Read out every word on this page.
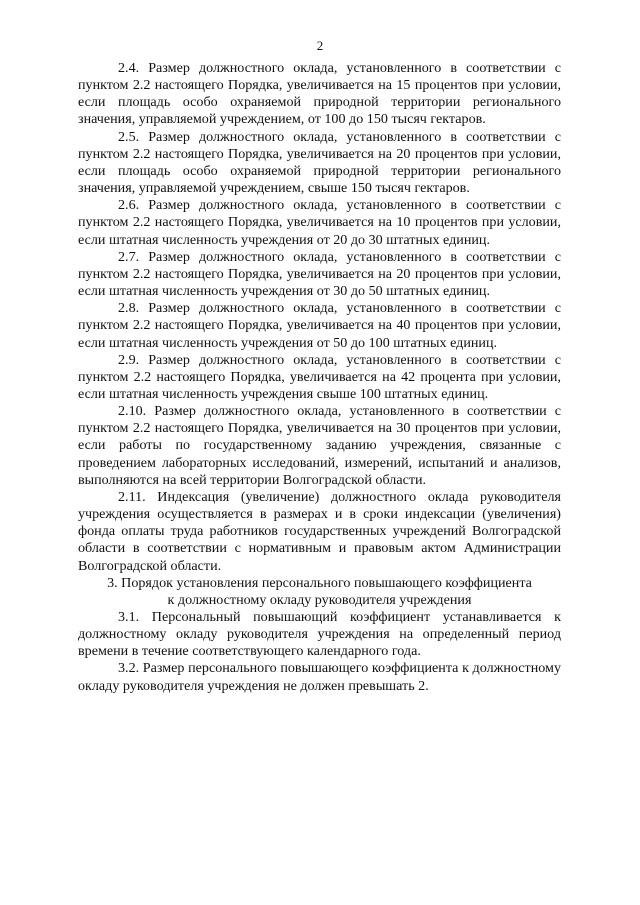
2

2.4. Размер должностного оклада, установленного в соответствии с пунктом 2.2 настоящего Порядка, увеличивается на 15 процентов при условии, если площадь особо охраняемой природной территории регионального значения, управляемой учреждением, от 100 до 150 тысяч гектаров.

2.5. Размер должностного оклада, установленного в соответствии с пунктом 2.2 настоящего Порядка, увеличивается на 20 процентов при условии, если площадь особо охраняемой природной территории регионального значения, управляемой учреждением, свыше 150 тысяч гектаров.

2.6. Размер должностного оклада, установленного в соответствии с пунктом 2.2 настоящего Порядка, увеличивается на 10 процентов при условии, если штатная численность учреждения от 20 до 30 штатных единиц.

2.7. Размер должностного оклада, установленного в соответствии с пунктом 2.2 настоящего Порядка, увеличивается на 20 процентов при условии, если штатная численность учреждения от 30 до 50 штатных единиц.

2.8. Размер должностного оклада, установленного в соответствии с пунктом 2.2 настоящего Порядка, увеличивается на 40 процентов при условии, если штатная численность учреждения от 50 до 100 штатных единиц.

2.9. Размер должностного оклада, установленного в соответствии с пунктом 2.2 настоящего Порядка, увеличивается на 42 процента при условии, если штатная численность учреждения свыше 100 штатных единиц.

2.10. Размер должностного оклада, установленного в соответствии с пунктом 2.2 настоящего Порядка, увеличивается на 30 процентов при условии, если работы по государственному заданию учреждения, связанные с проведением лабораторных исследований, измерений, испытаний и анализов, выполняются на всей территории Волгоградской области.

2.11. Индексация (увеличение) должностного оклада руководителя учреждения осуществляется в размерах и в сроки индексации (увеличения) фонда оплаты труда работников государственных учреждений Волгоградской области в соответствии с нормативным и правовым актом Администрации Волгоградской области.

3. Порядок установления персонального повышающего коэффициента
к должностному окладу руководителя учреждения

3.1. Персональный повышающий коэффициент устанавливается к должностному окладу руководителя учреждения на определенный период времени в течение соответствующего календарного года.

3.2. Размер персонального повышающего коэффициента к должностному окладу руководителя учреждения не должен превышать 2.
